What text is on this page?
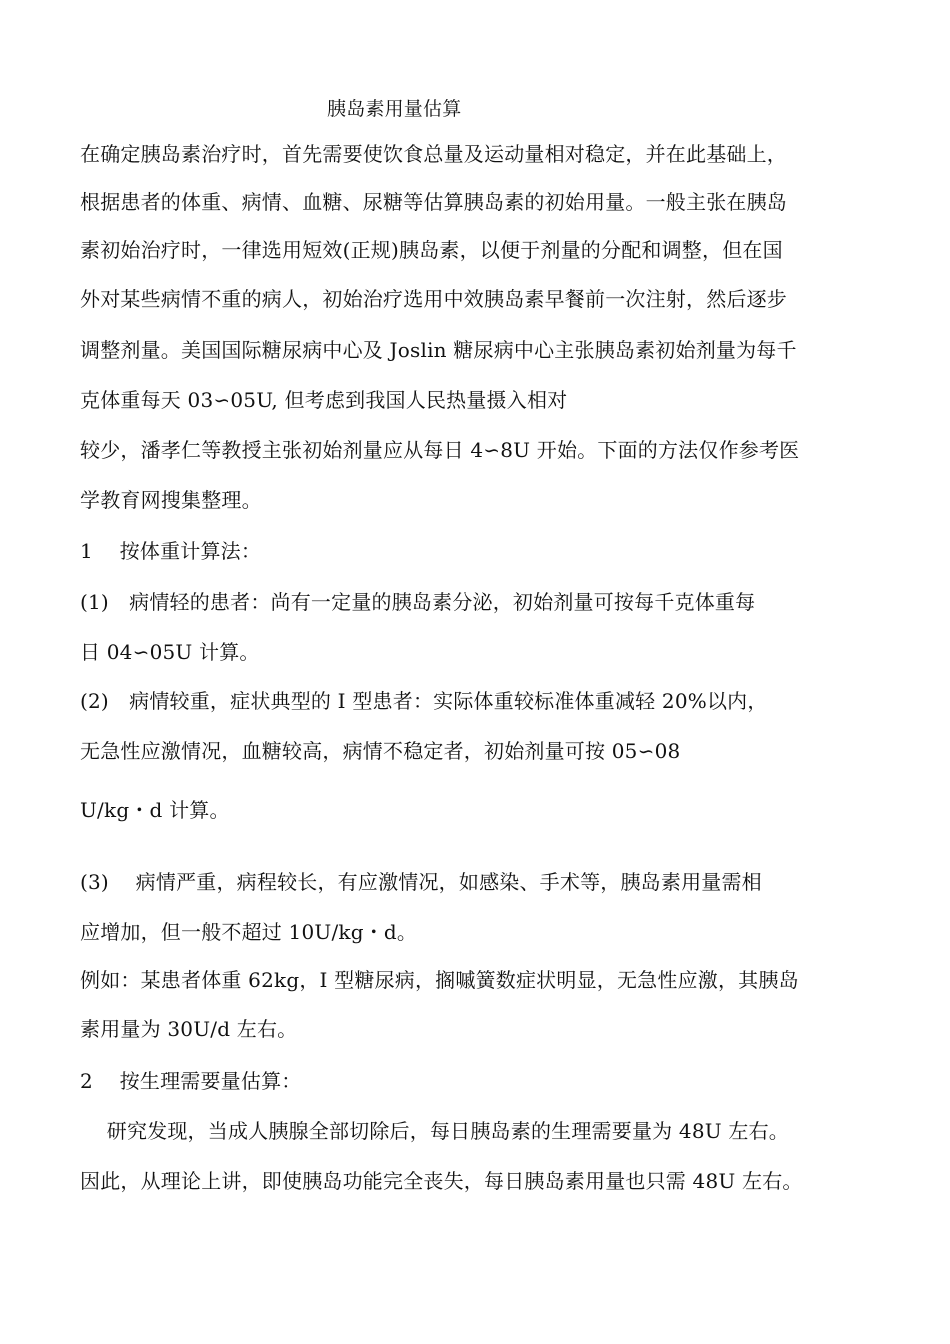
胰岛素用量估算
在确定胰岛素治疗时，首先需要使饮食总量及运动量相对稳定，并在此基础上，
根据患者的体重、病情、血糖、尿糖等估算胰岛素的初始用量。一般主张在胰岛
素初始治疗时，一律选用短效(正规)胰岛素，以便于剂量的分配和调整，但在国
外对某些病情不重的病人，初始治疗选用中效胰岛素早餐前一次注射，然后逐步
调整剂量。美国国际糖尿病中心及 Joslin 糖尿病中心主张胰岛素初始剂量为每千
克体重每天 03∽05U, 但考虑到我国人民热量摄入相对
较少，潘孝仁等教授主张初始剂量应从每日 4∽8U 开始。下面的方法仅作参考医
学教育网搜集整理。
1　 按体重计算法：
(1)　病情轻的患者：尚有一定量的胰岛素分泌，初始剂量可按每千克体重每
日 04∽05U 计算。
(2)　病情较重，症状典型的 I 型患者：实际体重较标准体重减轻 20%以内，
无急性应激情况，血糖较高，病情不稳定者，初始剂量可按 05∽08
U/kg・d 计算。
(3)　 病情严重，病程较长，有应激情况，如感染、手术等，胰岛素用量需相
应增加，但一般不超过 10U/kg・d。
例如：某患者体重 62kg，I 型糖尿病，搁嘁簧数症状明显，无急性应激，其胰岛
素用量为 30U/d 左右。
2　 按生理需要量估算：
　 研究发现，当成人胰腺全部切除后，每日胰岛素的生理需要量为 48U 左右。
因此，从理论上讲，即使胰岛功能完全丧失，每日胰岛素用量也只需 48U 左右。
